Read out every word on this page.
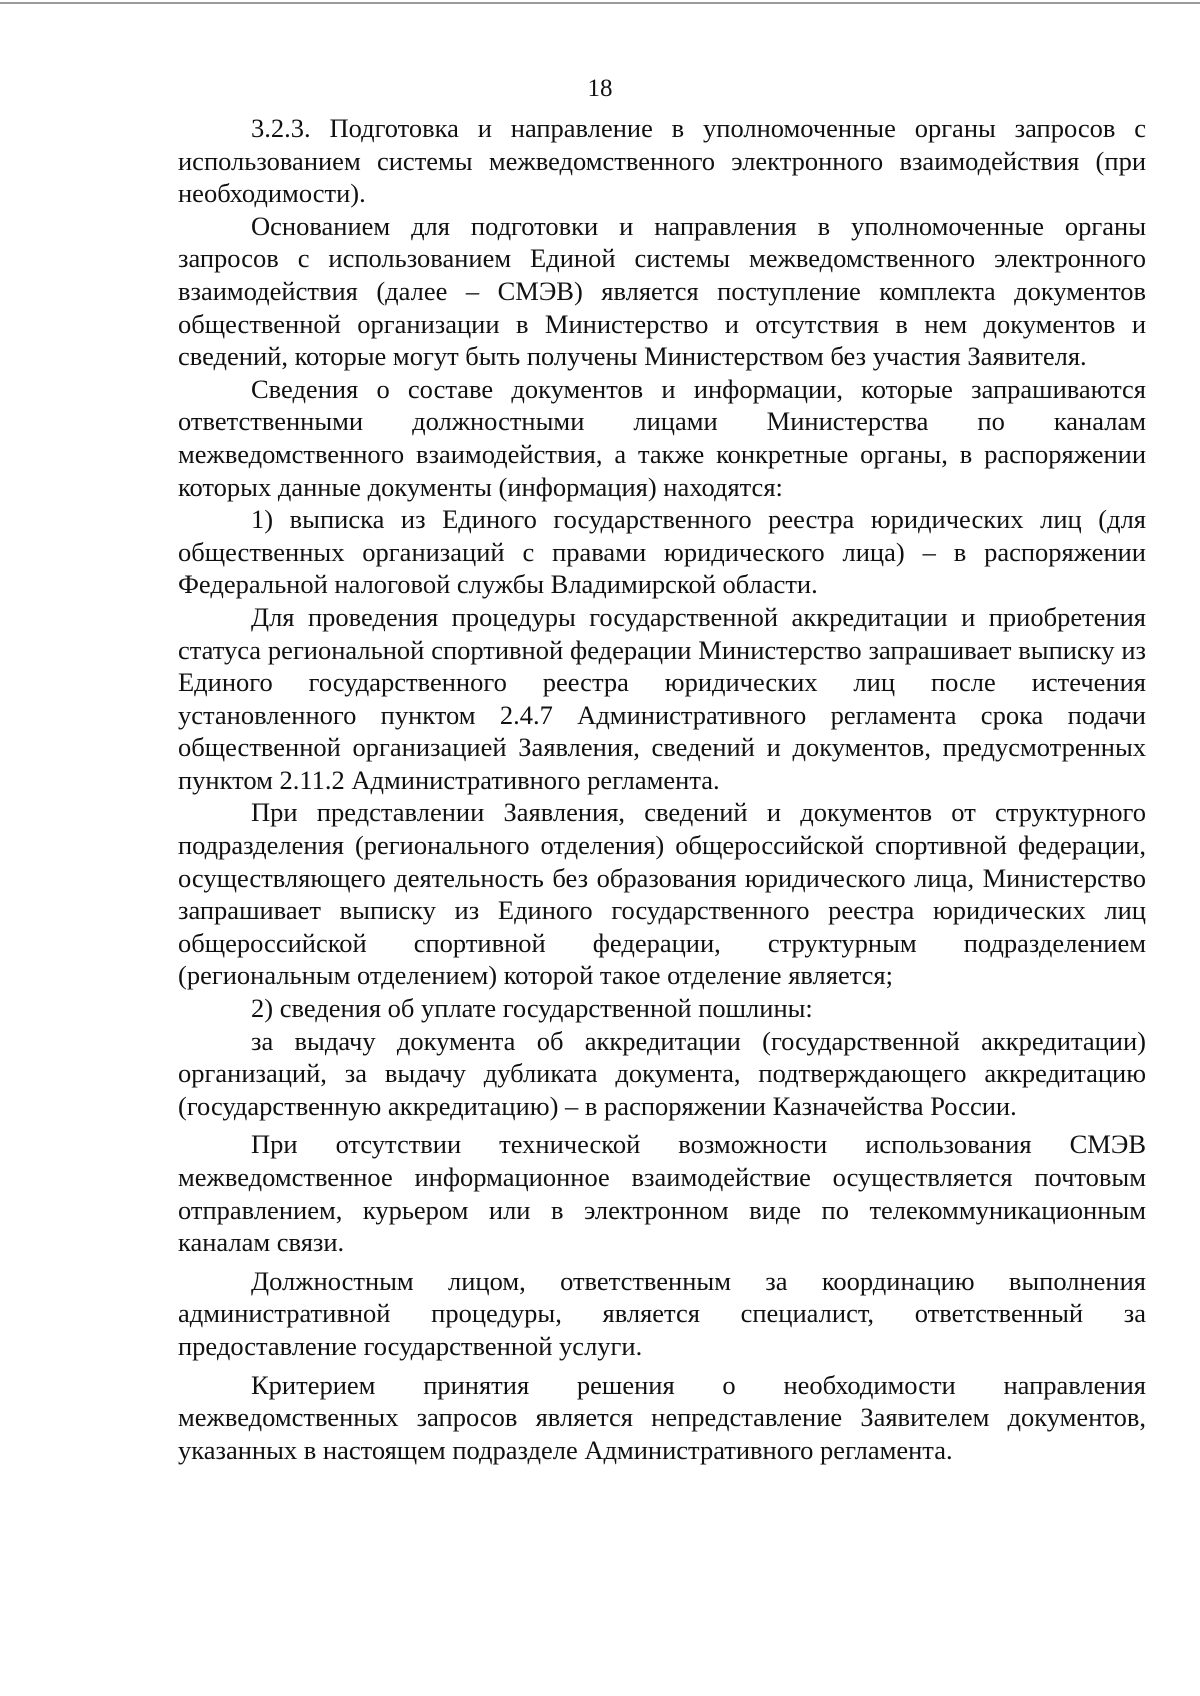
18

3.2.3. Подготовка и направление в уполномоченные органы запросов с использованием системы межведомственного электронного взаимодействия (при необходимости).

Основанием для подготовки и направления в уполномоченные органы запросов с использованием Единой системы межведомственного электронного взаимодействия (далее – СМЭВ) является поступление комплекта документов общественной организации в Министерство и отсутствия в нем документов и сведений, которые могут быть получены Министерством без участия Заявителя.

Сведения о составе документов и информации, которые запрашиваются ответственными должностными лицами Министерства по каналам межведомственного взаимодействия, а также конкретные органы, в распоряжении которых данные документы (информация) находятся:

1) выписка из Единого государственного реестра юридических лиц (для общественных организаций с правами юридического лица) – в распоряжении Федеральной налоговой службы Владимирской области.

Для проведения процедуры государственной аккредитации и приобретения статуса региональной спортивной федерации Министерство запрашивает выписку из Единого государственного реестра юридических лиц после истечения установленного пунктом 2.4.7 Административного регламента срока подачи общественной организацией Заявления, сведений и документов, предусмотренных пунктом 2.11.2 Административного регламента.

При представлении Заявления, сведений и документов от структурного подразделения (регионального отделения) общероссийской спортивной федерации, осуществляющего деятельность без образования юридического лица, Министерство запрашивает выписку из Единого государственного реестра юридических лиц общероссийской спортивной федерации, структурным подразделением (региональным отделением) которой такое отделение является;

2) сведения об уплате государственной пошлины:

за выдачу документа об аккредитации (государственной аккредитации) организаций, за выдачу дубликата документа, подтверждающего аккредитацию (государственную аккредитацию) – в распоряжении Казначейства России.

При отсутствии технической возможности использования СМЭВ межведомственное информационное взаимодействие осуществляется почтовым отправлением, курьером или в электронном виде по телекоммуникационным каналам связи.

Должностным лицом, ответственным за координацию выполнения административной процедуры, является специалист, ответственный за предоставление государственной услуги.

Критерием принятия решения о необходимости направления межведомственных запросов является непредставление Заявителем документов, указанных в настоящем подразделе Административного регламента.
